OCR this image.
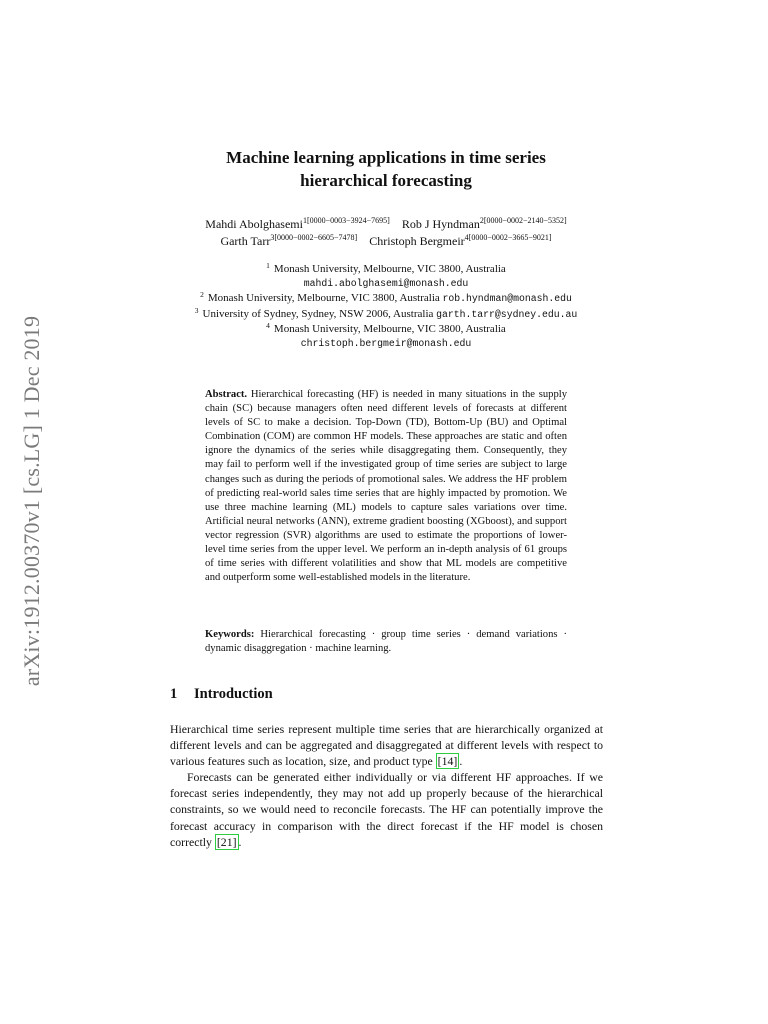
arXiv:1912.00370v1 [cs.LG] 1 Dec 2019
Machine learning applications in time series
hierarchical forecasting
Mahdi Abolghasemi$^{1[0000-0003-3924-7695]}$ Rob J Hyndman$^{2[0000-0002-2140-5352]}$
Garth Tarr$^{3[0000-0002-6605-7478]}$ Christoph Bergmeir$^{4[0000-0002-3665-9021]}$
$^1$ Monash University, Melbourne, VIC 3800, Australia
mahdi.abolghasemi@monash.edu
$^2$ Monash University, Melbourne, VIC 3800, Australia rob.hyndman@monash.edu
$^3$ University of Sydney, Sydney, NSW 2006, Australia garth.tarr@sydney.edu.au
$^4$ Monash University, Melbourne, VIC 3800, Australia
christoph.bergmeir@monash.edu
Abstract. Hierarchical forecasting (HF) is needed in many situations in the supply chain (SC) because managers often need different levels of forecasts at different levels of SC to make a decision. Top-Down (TD), Bottom-Up (BU) and Optimal Combination (COM) are common HF models. These approaches are static and often ignore the dynamics of the series while disaggregating them. Consequently, they may fail to perform well if the investigated group of time series are subject to large changes such as during the periods of promotional sales. We address the HF problem of predicting real-world sales time series that are highly impacted by promotion. We use three machine learning (ML) models to capture sales variations over time. Artificial neural networks (ANN), extreme gradient boosting (XGboost), and support vector regression (SVR) algorithms are used to estimate the proportions of lower-level time series from the upper level. We perform an in-depth analysis of 61 groups of time series with different volatilities and show that ML models are competitive and outperform some well-established models in the literature.
Keywords: Hierarchical forecasting · group time series · demand variations · dynamic disaggregation · machine learning.
1 Introduction

Hierarchical time series represent multiple time series that are hierarchically organized at different levels and can be aggregated and disaggregated at different levels with respect to various features such as location, size, and product type [14] .

Forecasts can be generated either individually or via different HF approaches. If we forecast series independently, they may not add up properly because of the hierarchical constraints, so we would need to reconcile forecasts. The HF can potentially improve the forecast accuracy in comparison with the direct forecast if the HF model is chosen correctly [21] .
